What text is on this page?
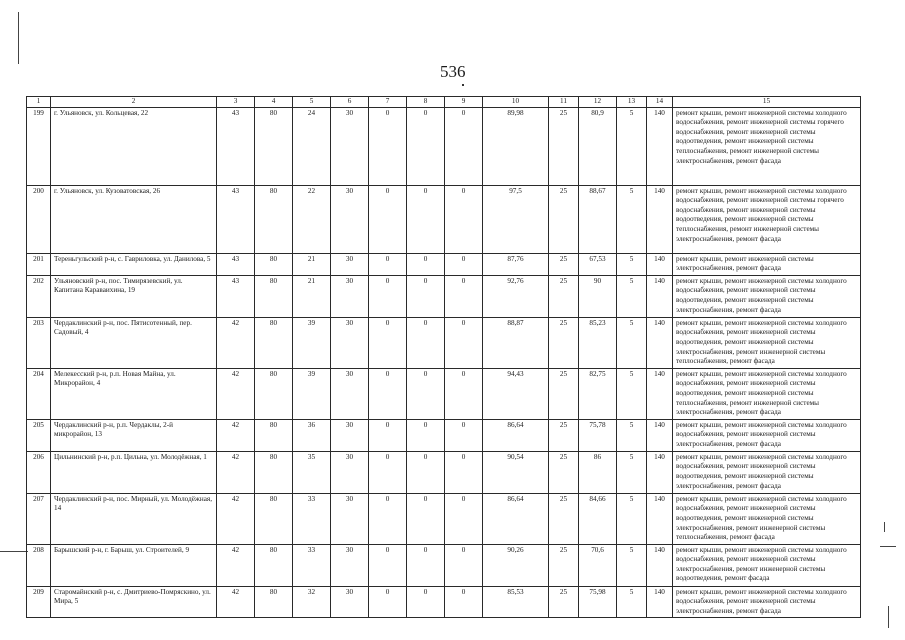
536
1	2	3	4	5	6	7	8	9	10	11	12	13	14	15
199	г. Ульяновск, ул. Кольцевая, 22	43	80	24	30	0	0	0	89,98	25	80,9	5	140	ремонт крыши, ремонт инженерной системы холодного водоснабжения, ремонт инженерной системы горячего водоснабжения, ремонт инженерной системы водоотведения, ремонт инженерной системы теплоснабжения, ремонт инженерной системы электроснабжения, ремонт фасада
200	г. Ульяновск, ул. Кузоватовская, 26	43	80	22	30	0	0	0	97,5	25	88,67	5	140	ремонт крыши, ремонт инженерной системы холодного водоснабжения, ремонт инженерной системы горячего водоснабжения, ремонт инженерной системы водоотведения, ремонт инженерной системы теплоснабжения, ремонт инженерной системы электроснабжения, ремонт фасада
201	Тереньгульский р-н, с. Гавриловка, ул. Данилова, 5	43	80	21	30	0	0	0	87,76	25	67,53	5	140	ремонт крыши, ремонт инженерной системы электроснабжения, ремонт фасада
202	Ульяновский р-н, пос. Тимирязевский, ул. Капитана Караваихина, 19	43	80	21	30	0	0	0	92,76	25	90	5	140	ремонт крыши, ремонт инженерной системы холодного водоснабжения, ремонт инженерной системы водоотведения, ремонт инженерной системы электроснабжения, ремонт фасада
203	Чердаклинский р-н, пос. Пятисотенный, пер. Садовый, 4	42	80	39	30	0	0	0	88,87	25	85,23	5	140	ремонт крыши, ремонт инженерной системы холодного водоснабжения, ремонт инженерной системы водоотведения, ремонт инженерной системы электроснабжения, ремонт инженерной системы теплоснабжения, ремонт фасада
204	Мелекесский р-н, р.п. Новая Майна, ул. Микрорайон, 4	42	80	39	30	0	0	0	94,43	25	82,75	5	140	ремонт крыши, ремонт инженерной системы холодного водоснабжения, ремонт инженерной системы водоотведения, ремонт инженерной системы теплоснабжения, ремонт инженерной системы электроснабжения, ремонт фасада
205	Чердаклинский р-н, р.п. Чердаклы, 2-й микрорайон, 13	42	80	36	30	0	0	0	86,64	25	75,78	5	140	ремонт крыши, ремонт инженерной системы холодного водоснабжения, ремонт инженерной системы электроснабжения, ремонт фасада
206	Цильнинский р-н, р.п. Цильна, ул. Молодёжная, 1	42	80	35	30	0	0	0	90,54	25	86	5	140	ремонт крыши, ремонт инженерной системы холодного водоснабжения, ремонт инженерной системы водоотведения, ремонт инженерной системы электроснабжения, ремонт фасада
207	Чердаклинский р-н, пос. Мирный, ул. Молодёжная, 14	42	80	33	30	0	0	0	86,64	25	84,66	5	140	ремонт крыши, ремонт инженерной системы холодного водоснабжения, ремонт инженерной системы водоотведения, ремонт инженерной системы электроснабжения, ремонт инженерной системы теплоснабжения, ремонт фасада
208	Барышский р-н, г. Барыш, ул. Строителей, 9	42	80	33	30	0	0	0	90,26	25	70,6	5	140	ремонт крыши, ремонт инженерной системы холодного водоснабжения, ремонт инженерной системы электроснабжения, ремонт инженерной системы водоотведения, ремонт фасада
209	Старомайнский р-н, с. Дмитриево-Помряскино, ул. Мира, 5	42	80	32	30	0	0	0	85,53	25	75,98	5	140	ремонт крыши, ремонт инженерной системы холодного водоснабжения, ремонт инженерной системы электроснабжения, ремонт фасада
